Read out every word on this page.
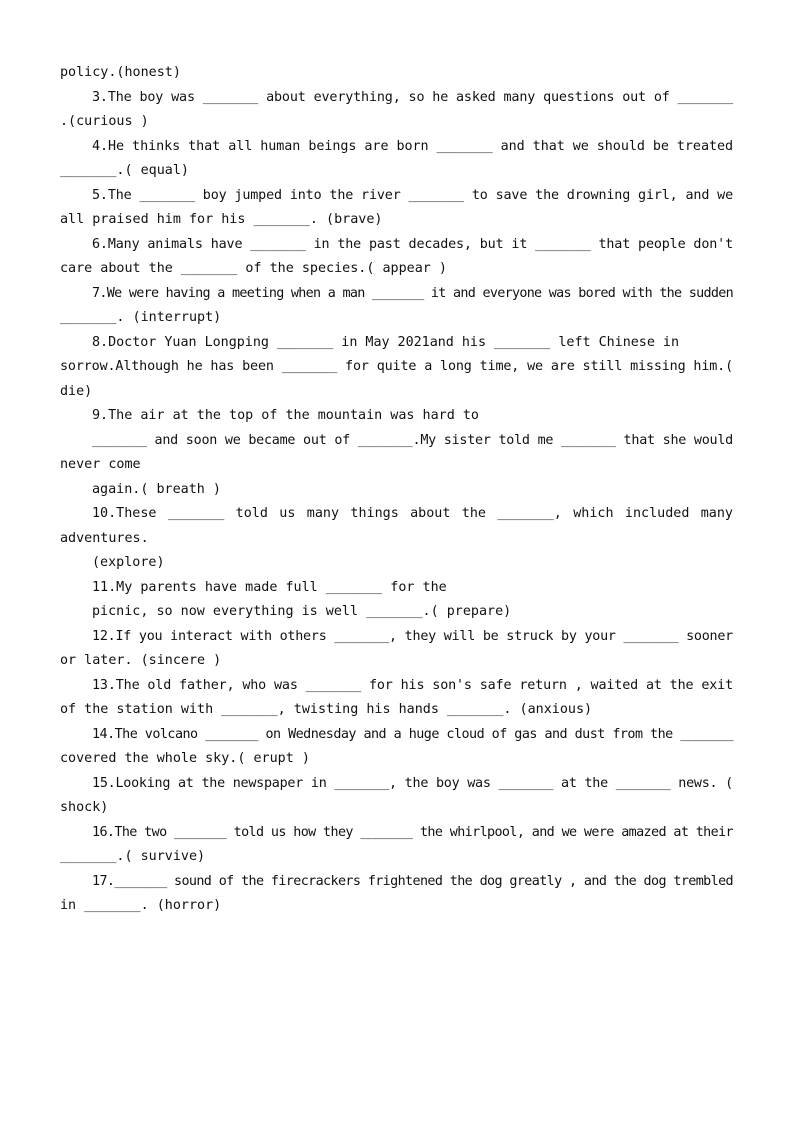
policy.(honest)
3.The boy was _______ about everything, so he asked many questions out of _______
.(curious )
4.He thinks that all human beings are born _______ and that we should be treated
_______.( equal)
5.The _______ boy jumped into the river _______ to save the drowning girl, and we
all praised him for his _______. (brave)
6.Many animals have _______ in the past decades, but it _______ that people don't
care about the _______ of the species.( appear )
7.We were having a meeting when a man _______ it and everyone was bored with the sudden
_______. (interrupt)
8.Doctor Yuan Longping _______ in May 2021and his _______ left Chinese in
sorrow.Although he has been _______ for quite a long time, we are still missing him.(
die)
9.The air at the top of the mountain was hard to
_______ and soon we became out of _______.My sister told me _______ that she would
never come
again.( breath )
10.These _______ told us many things about the _______, which included many
adventures.
(explore)
11.My parents have made full _______ for the
picnic, so now everything is well _______.( prepare)
12.If you interact with others _______, they will be struck by your _______ sooner
or later. (sincere )
13.The old father, who was _______ for his son's safe return , waited at the exit
of the station with _______, twisting his hands _______. (anxious)
14.The volcano _______ on Wednesday and a huge cloud of gas and dust from the _______
covered the whole sky.( erupt )
15.Looking at the newspaper in _______, the boy was _______ at the _______ news. (
shock)
16.The two _______ told us how they _______ the whirlpool, and we were amazed at their
_______.( survive)
17._______ sound of the firecrackers frightened the dog greatly , and the dog trembled
in _______. (horror)
